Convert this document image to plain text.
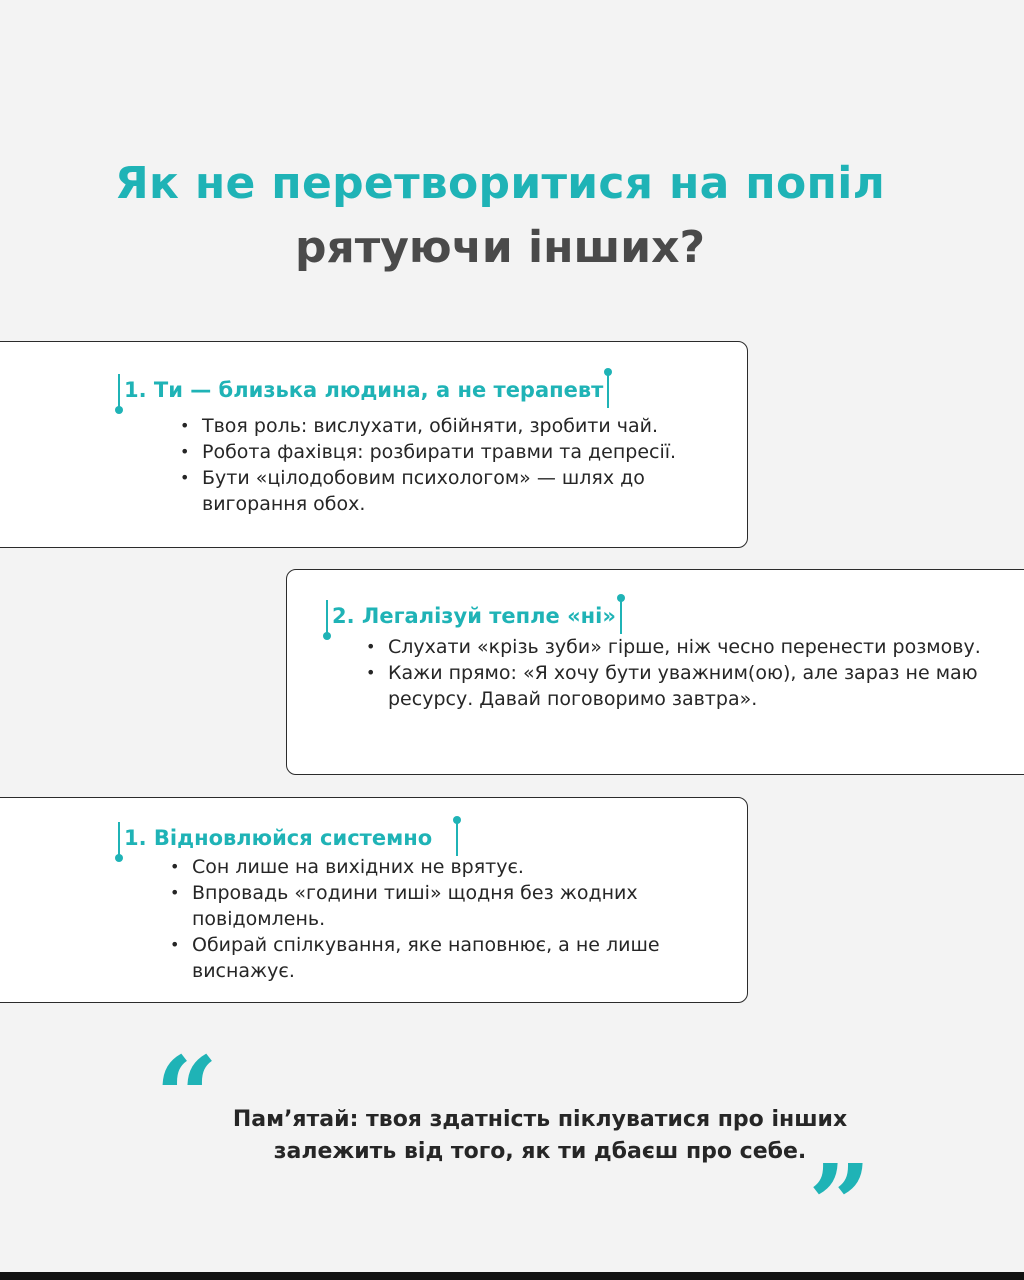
Як не перетворитися на попіл
рятуючи інших?
1. Ти — близька людина, а не терапевт
• Твоя роль: вислухати, обійняти, зробити чай.
• Робота фахівця: розбирати травми та депресії.
• Бути «цілодобовим психологом» — шлях до вигорання обох.
2. Легалізуй тепле «ні»
• Слухати «крізь зуби» гірше, ніж чесно перенести розмову.
• Кажи прямо: «Я хочу бути уважним(ою), але зараз не маю ресурсу. Давай поговоримо завтра».
1. Відновлюйся системно
• Сон лише на вихідних не врятує.
• Впровадь «години тиші» щодня без жодних повідомлень.
• Обирай спілкування, яке наповнює, а не лише виснажує.
“ Пам’ятай: твоя здатність піклуватися про інших
залежить від того, як ти дбаєш про себе. ”
